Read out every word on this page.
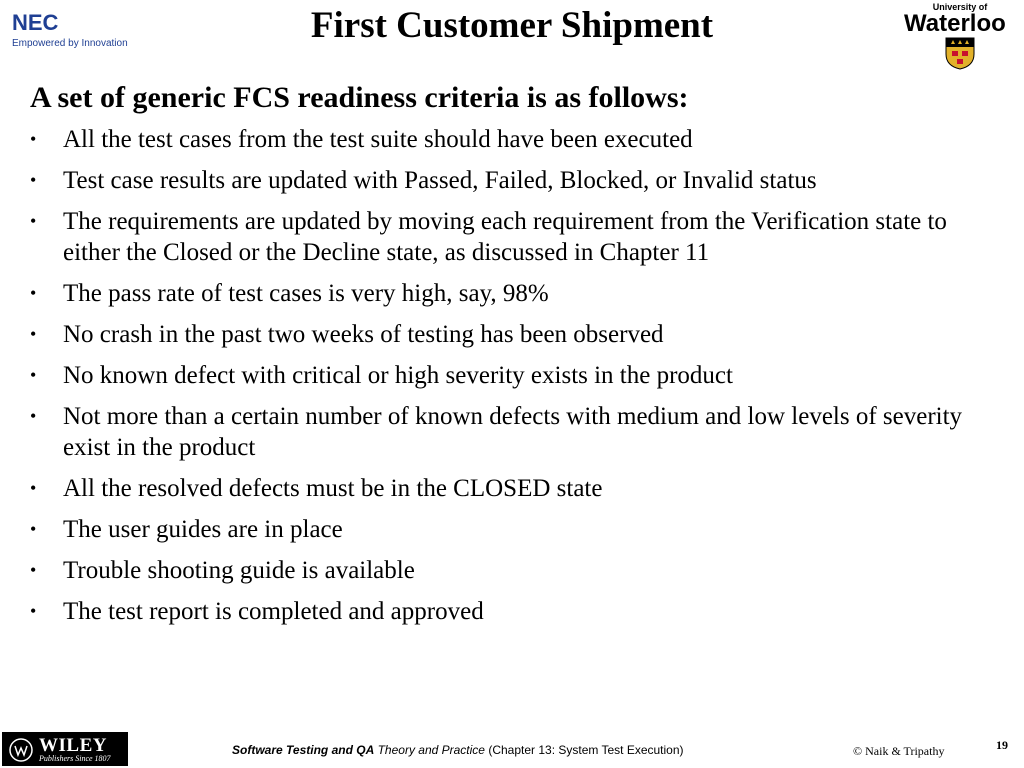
NEC
Empowered by Innovation	First Customer Shipment	University of
Waterloo
A set of generic FCS readiness criteria is as follows:
• All the test cases from the test suite should have been executed
• Test case results are updated with Passed, Failed, Blocked, or Invalid status
• The requirements are updated by moving each requirement from the Verification state to either the Closed or the Decline state, as discussed in Chapter 11
• The pass rate of test cases is very high, say, 98%
• No crash in the past two weeks of testing has been observed
• No known defect with critical or high severity exists in the product
• Not more than a certain number of known defects with medium and low levels of severity exist in the product
• All the resolved defects must be in the CLOSED state
• The user guides are in place
• Trouble shooting guide is available
• The test report is completed and approved
WILEY
Publishers Since 1807
Software Testing and QA Theory and Practice (Chapter 13: System Test Execution)	© Naik & Tripathy	19
